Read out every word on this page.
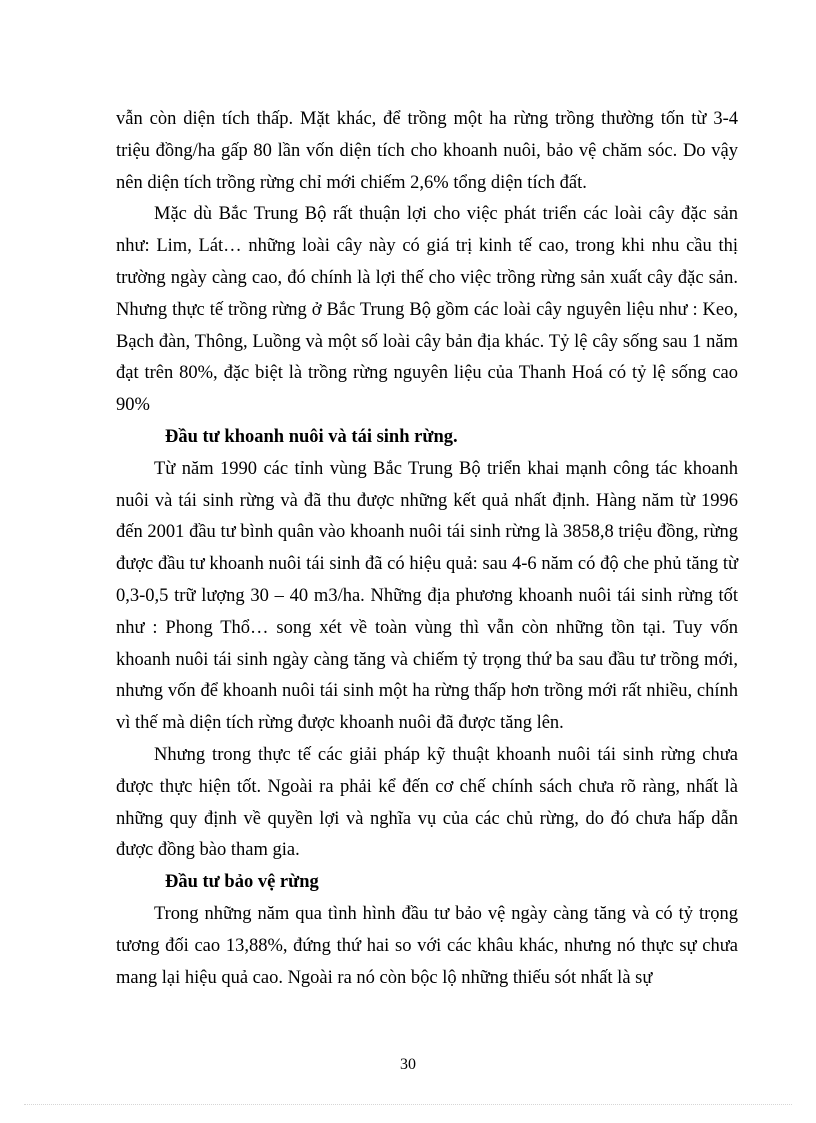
vẫn còn diện tích thấp. Mặt khác, để trồng một ha rừng trồng thường tốn từ 3-4 triệu đồng/ha gấp 80 lần vốn diện tích cho khoanh nuôi, bảo vệ chăm sóc. Do vậy nên diện tích trồng rừng chỉ mới chiếm 2,6% tổng diện tích đất.

Mặc dù Bắc Trung Bộ rất thuận lợi cho việc phát triển các loài cây đặc sản như: Lim, Lát… những loài cây này có giá trị kinh tế cao, trong khi nhu cầu thị trường ngày càng cao, đó chính là lợi thế cho việc trồng rừng sản xuất cây đặc sản. Nhưng thực tế trồng rừng ở Bắc Trung Bộ gồm các loài cây nguyên liệu như : Keo, Bạch đàn, Thông, Luồng và một số loài cây bản địa khác. Tỷ lệ cây sống sau 1 năm đạt trên 80%, đặc biệt là trồng rừng nguyên liệu của Thanh Hoá có tỷ lệ sống cao 90%

Đầu tư khoanh nuôi và tái sinh rừng.

Từ năm 1990 các tỉnh vùng Bắc Trung Bộ triển khai mạnh công tác khoanh nuôi và tái sinh rừng và đã thu được những kết quả nhất định. Hàng năm từ 1996 đến 2001 đầu tư bình quân vào khoanh nuôi tái sinh rừng là 3858,8 triệu đồng, rừng được đầu tư khoanh nuôi tái sinh đã có hiệu quả: sau 4-6 năm có độ che phủ tăng từ 0,3-0,5 trữ lượng 30 – 40 m3/ha. Những địa phương khoanh nuôi tái sinh rừng tốt như : Phong Thổ… song xét về toàn vùng thì vẫn còn những tồn tại. Tuy vốn khoanh nuôi tái sinh ngày càng tăng và chiếm tỷ trọng thứ ba sau đầu tư trồng mới, nhưng vốn để khoanh nuôi tái sinh một ha rừng thấp hơn trồng mới rất nhiều, chính vì thế mà diện tích rừng được khoanh nuôi đã được tăng lên.

Nhưng trong thực tế các giải pháp kỹ thuật khoanh nuôi tái sinh rừng chưa được thực hiện tốt. Ngoài ra phải kể đến cơ chế chính sách chưa rõ ràng, nhất là những quy định về quyền lợi và nghĩa vụ của các chủ rừng, do đó chưa hấp dẫn được đồng bào tham gia.

Đầu tư bảo vệ rừng

Trong những năm qua tình hình đầu tư bảo vệ ngày càng tăng và có tỷ trọng tương đối cao 13,88%, đứng thứ hai so với các khâu khác, nhưng nó thực sự chưa mang lại hiệu quả cao. Ngoài ra nó còn bộc lộ những thiếu sót nhất là sự

30
